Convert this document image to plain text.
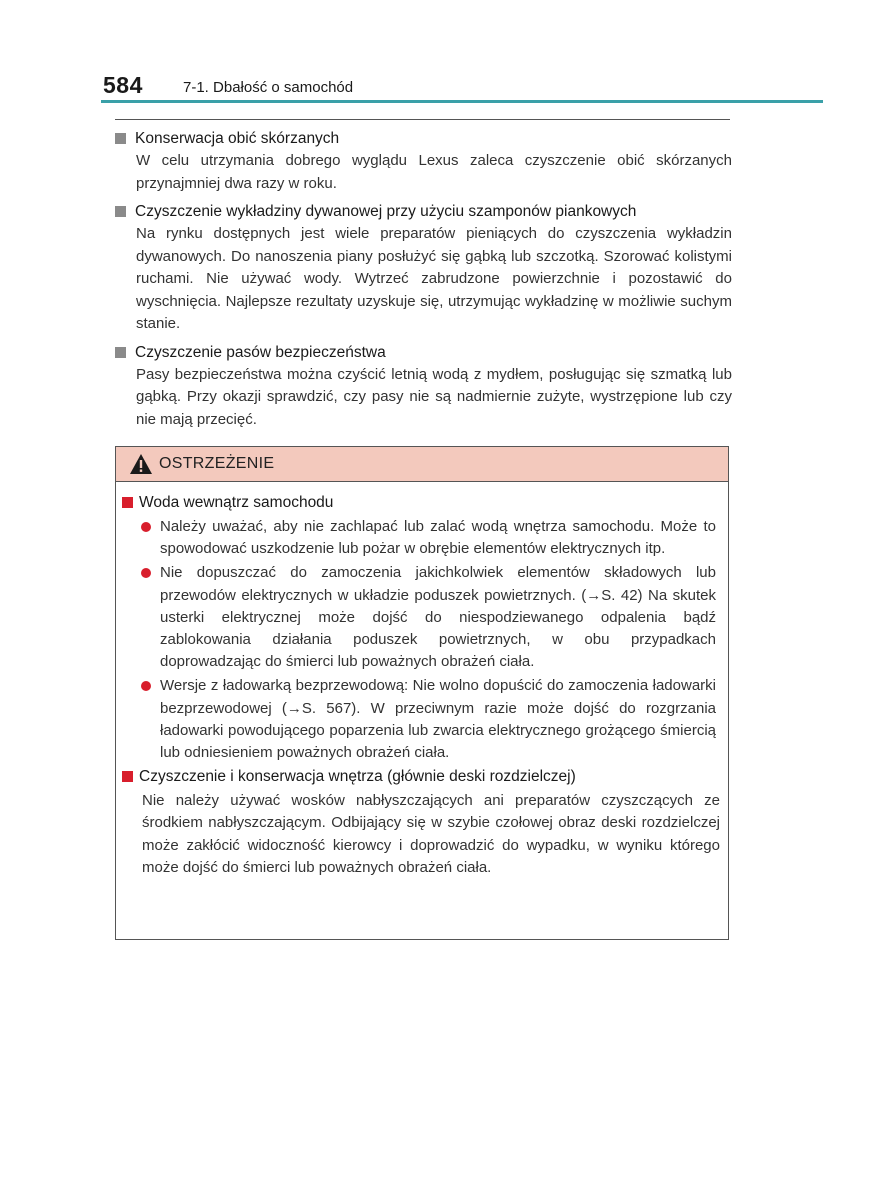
584	7-1. Dbałość o samochód
Konserwacja obić skórzanych
W celu utrzymania dobrego wyglądu Lexus zaleca czyszczenie obić skórzanych przynajmniej dwa razy w roku.
Czyszczenie wykładziny dywanowej przy użyciu szamponów piankowych
Na rynku dostępnych jest wiele preparatów pieniących do czyszczenia wykładzin dywanowych. Do nanoszenia piany posłużyć się gąbką lub szczotką. Szorować kolistymi ruchami. Nie używać wody. Wytrzeć zabrudzone powierzchnie i pozostawić do wyschnięcia. Najlepsze rezultaty uzyskuje się, utrzymując wykładzinę w możliwie suchym stanie.
Czyszczenie pasów bezpieczeństwa
Pasy bezpieczeństwa można czyścić letnią wodą z mydłem, posługując się szmatką lub gąbką. Przy okazji sprawdzić, czy pasy nie są nadmiernie zużyte, wystrzępione lub czy nie mają przecięć.
OSTRZEŻENIE
Woda wewnątrz samochodu
Należy uważać, aby nie zachlapać lub zalać wodą wnętrza samochodu. Może to spowodować uszkodzenie lub pożar w obrębie elementów elektrycznych itp.
Nie dopuszczać do zamoczenia jakichkolwiek elementów składowych lub przewodów elektrycznych w układzie poduszek powietrznych. (→S. 42) Na skutek usterki elektrycznej może dojść do niespodziewanego odpalenia bądź zablokowania działania poduszek powietrznych, w obu przypadkach doprowadzając do śmierci lub poważnych obrażeń ciała.
Wersje z ładowarką bezprzewodową: Nie wolno dopuścić do zamoczenia ładowarki bezprzewodowej (→S. 567). W przeciwnym razie może dojść do rozgrzania ładowarki powodującego poparzenia lub zwarcia elektrycznego grożącego śmiercią lub odniesieniem poważnych obrażeń ciała.
Czyszczenie i konserwacja wnętrza (głównie deski rozdzielczej)
Nie należy używać wosków nabłyszczających ani preparatów czyszczących ze środkiem nabłyszczającym. Odbijający się w szybie czołowej obraz deski rozdzielczej może zakłócić widoczność kierowcy i doprowadzić do wypadku, w wyniku którego może dojść do śmierci lub poważnych obrażeń ciała.
